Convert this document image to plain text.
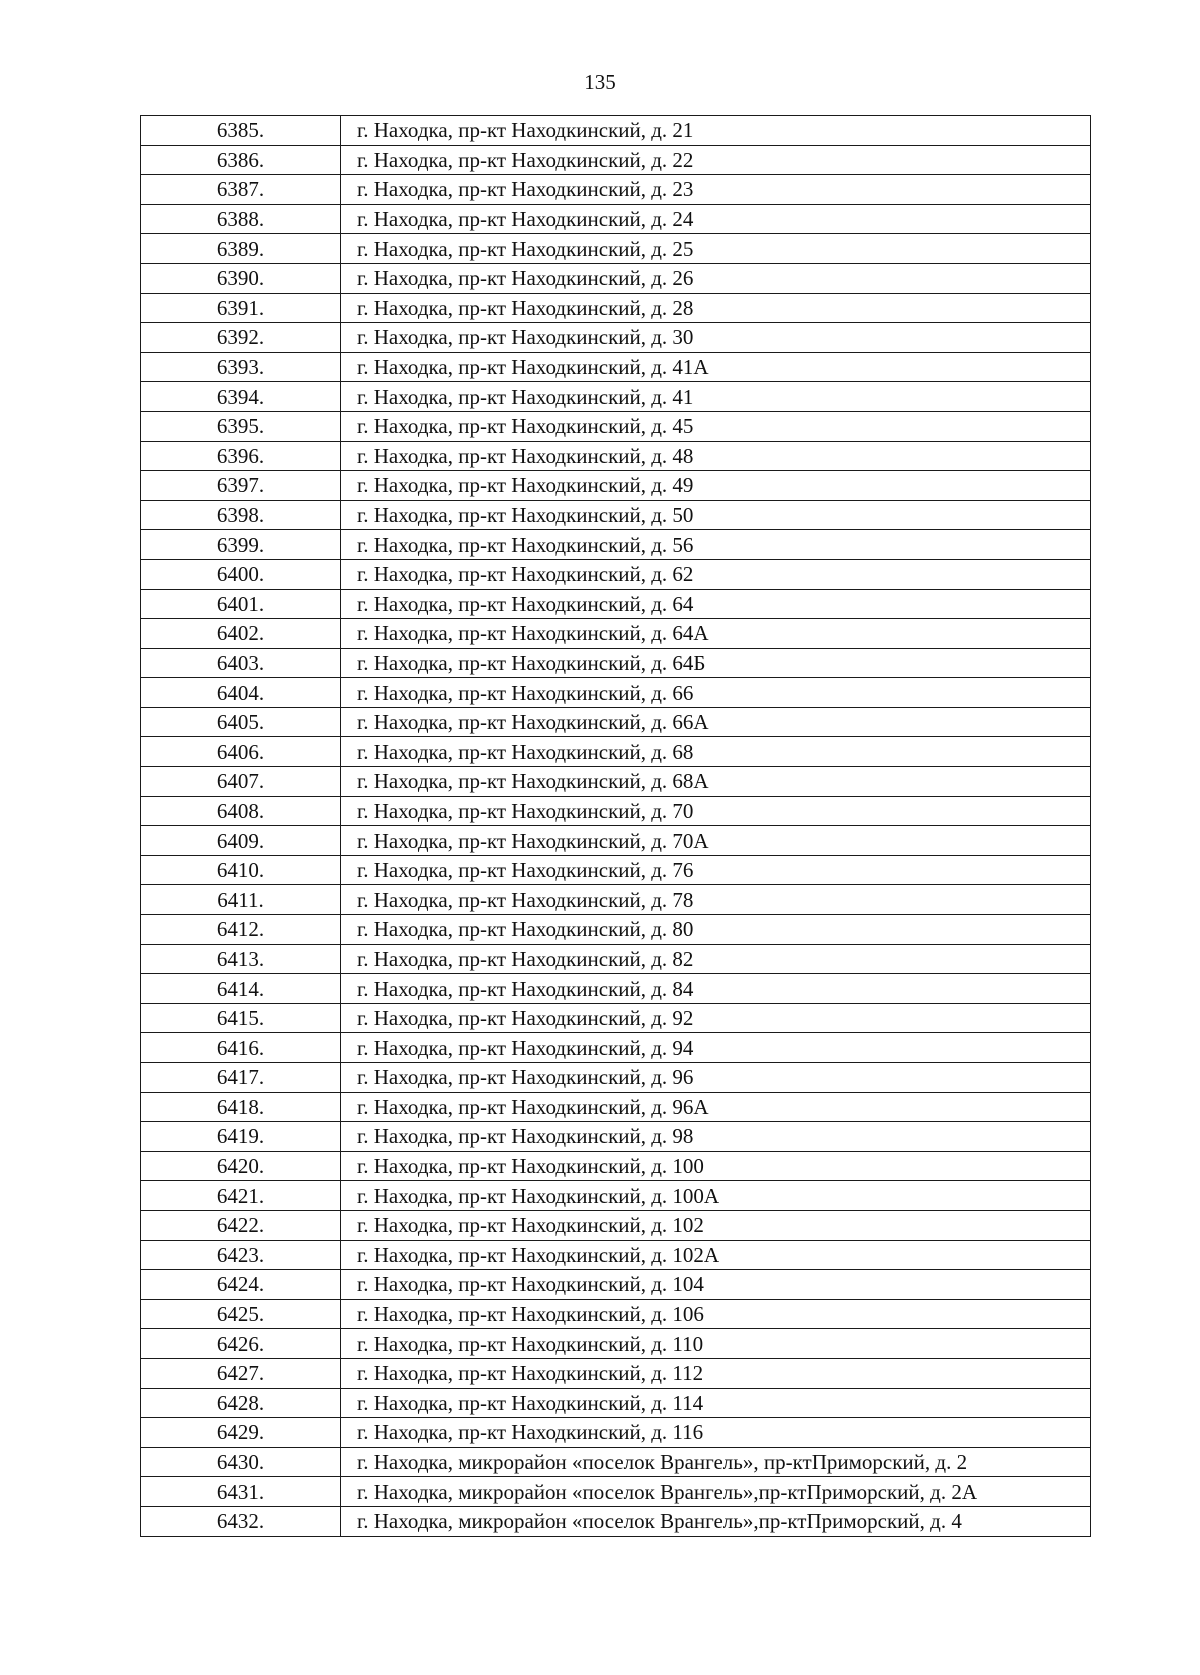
135
6385.	г. Находка, пр-кт Находкинский, д. 21
6386.	г. Находка, пр-кт Находкинский, д. 22
6387.	г. Находка, пр-кт Находкинский, д. 23
6388.	г. Находка, пр-кт Находкинский, д. 24
6389.	г. Находка, пр-кт Находкинский, д. 25
6390.	г. Находка, пр-кт Находкинский, д. 26
6391.	г. Находка, пр-кт Находкинский, д. 28
6392.	г. Находка, пр-кт Находкинский, д. 30
6393.	г. Находка, пр-кт Находкинский, д. 41А
6394.	г. Находка, пр-кт Находкинский, д. 41
6395.	г. Находка, пр-кт Находкинский, д. 45
6396.	г. Находка, пр-кт Находкинский, д. 48
6397.	г. Находка, пр-кт Находкинский, д. 49
6398.	г. Находка, пр-кт Находкинский, д. 50
6399.	г. Находка, пр-кт Находкинский, д. 56
6400.	г. Находка, пр-кт Находкинский, д. 62
6401.	г. Находка, пр-кт Находкинский, д. 64
6402.	г. Находка, пр-кт Находкинский, д. 64А
6403.	г. Находка, пр-кт Находкинский, д. 64Б
6404.	г. Находка, пр-кт Находкинский, д. 66
6405.	г. Находка, пр-кт Находкинский, д. 66А
6406.	г. Находка, пр-кт Находкинский, д. 68
6407.	г. Находка, пр-кт Находкинский, д. 68А
6408.	г. Находка, пр-кт Находкинский, д. 70
6409.	г. Находка, пр-кт Находкинский, д. 70А
6410.	г. Находка, пр-кт Находкинский, д. 76
6411.	г. Находка, пр-кт Находкинский, д. 78
6412.	г. Находка, пр-кт Находкинский, д. 80
6413.	г. Находка, пр-кт Находкинский, д. 82
6414.	г. Находка, пр-кт Находкинский, д. 84
6415.	г. Находка, пр-кт Находкинский, д. 92
6416.	г. Находка, пр-кт Находкинский, д. 94
6417.	г. Находка, пр-кт Находкинский, д. 96
6418.	г. Находка, пр-кт Находкинский, д. 96А
6419.	г. Находка, пр-кт Находкинский, д. 98
6420.	г. Находка, пр-кт Находкинский, д. 100
6421.	г. Находка, пр-кт Находкинский, д. 100А
6422.	г. Находка, пр-кт Находкинский, д. 102
6423.	г. Находка, пр-кт Находкинский, д. 102А
6424.	г. Находка, пр-кт Находкинский, д. 104
6425.	г. Находка, пр-кт Находкинский, д. 106
6426.	г. Находка, пр-кт Находкинский, д. 110
6427.	г. Находка, пр-кт Находкинский, д. 112
6428.	г. Находка, пр-кт Находкинский, д. 114
6429.	г. Находка, пр-кт Находкинский, д. 116
6430.	г. Находка, микрорайон «поселок Врангель», пр-ктПриморский, д. 2
6431.	г. Находка, микрорайон «поселок Врангель»,пр-ктПриморский, д. 2А
6432.	г. Находка, микрорайон «поселок Врангель»,пр-ктПриморский, д. 4
